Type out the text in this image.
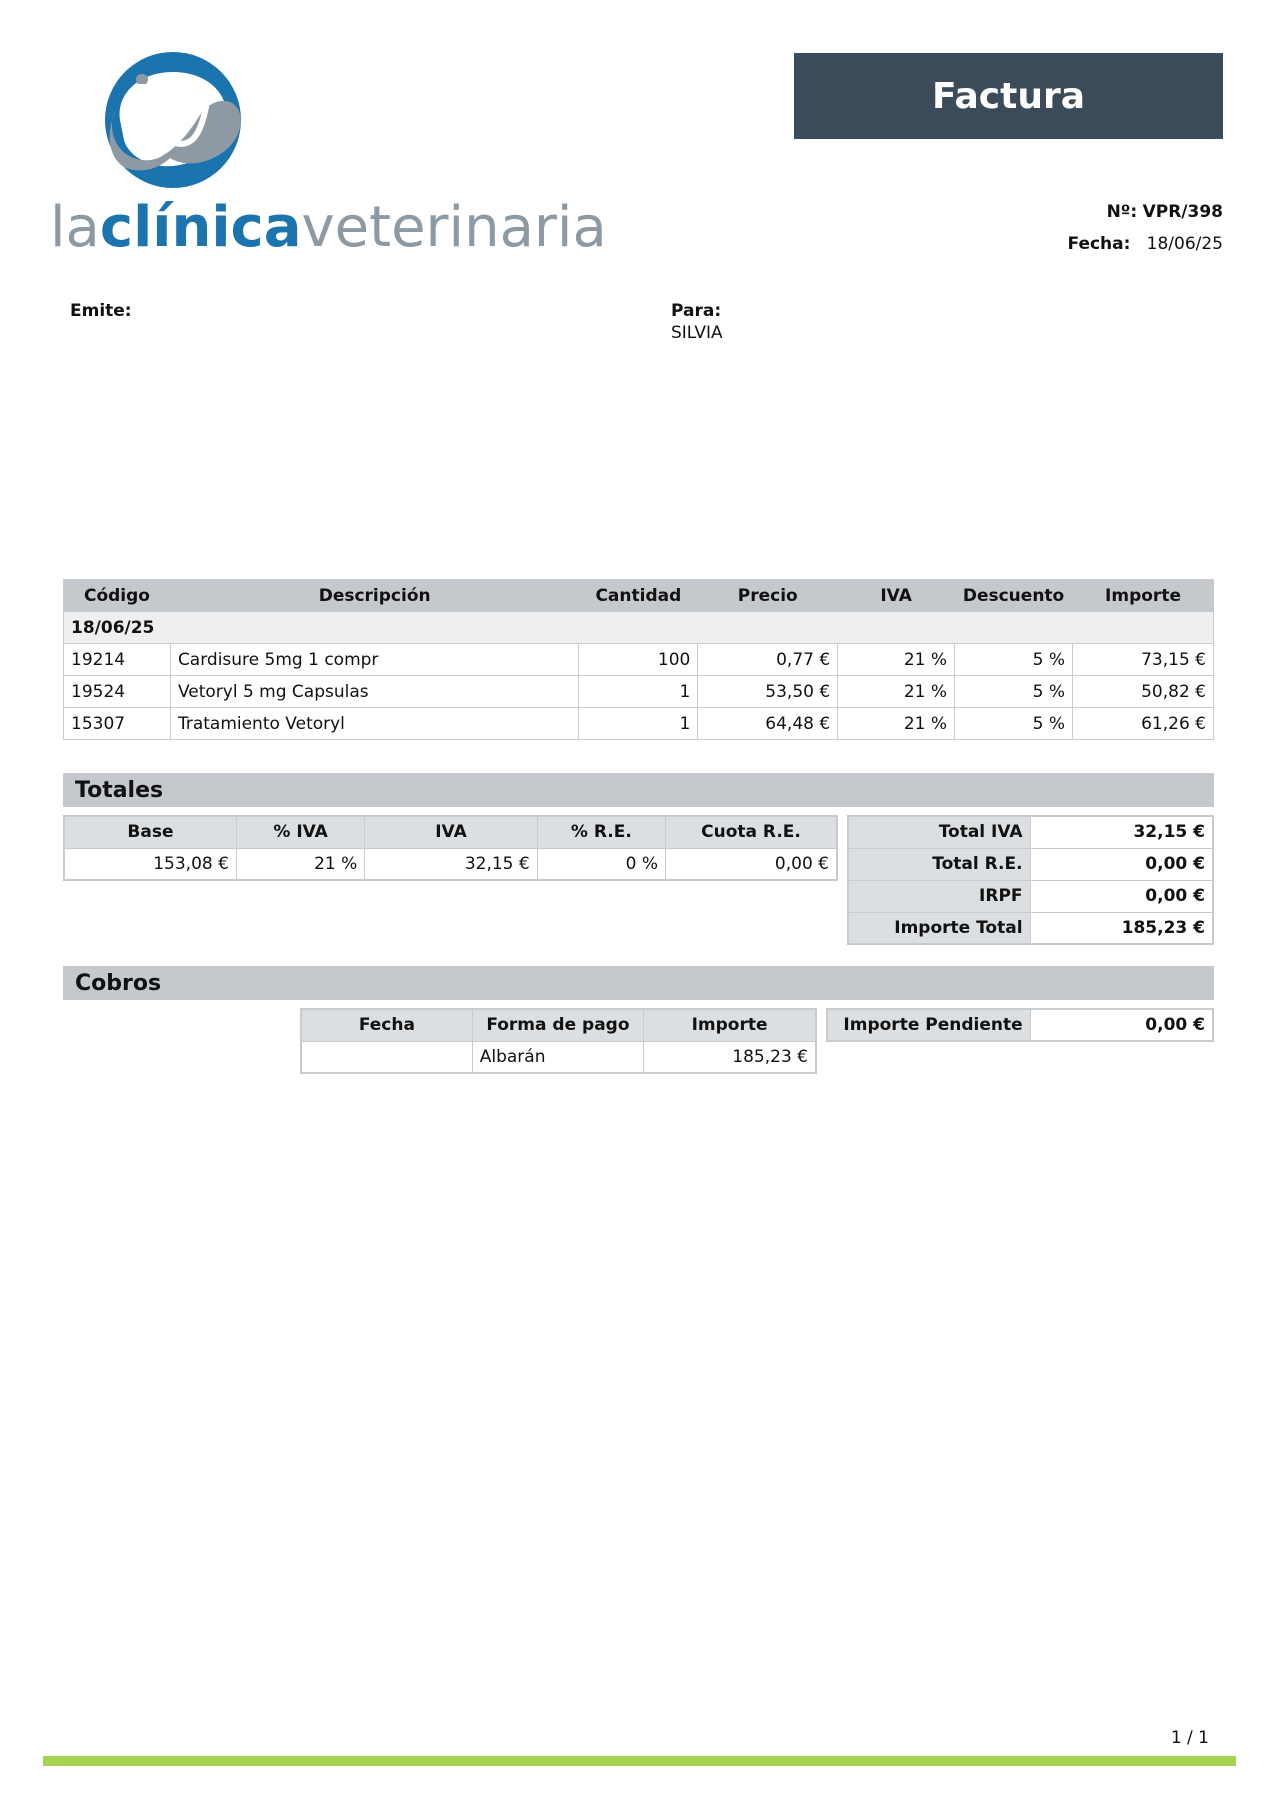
laclínicaveterinaria
Factura
Nº: VPR/398
Fecha: 18/06/25
Emite:	Para:
SILVIA
Código	Descripción	Cantidad	Precio	IVA	Descuento	Importe
18/06/25						
19214	Cardisure 5mg 1 compr	100	0,77 €	21 %	5 %	73,15 €
19524	Vetoryl 5 mg Capsulas	1	53,50 €	21 %	5 %	50,82 €
15307	Tratamiento Vetoryl	1	64,48 €	21 %	5 %	61,26 €
Totales
Base	% IVA	IVA	% R.E.	Cuota R.E.
153,08 €	21 %	32,15 €	0 %	0,00 €
Total IVA	32,15 €
Total R.E.	0,00 €
IRPF	0,00 €
Importe Total	185,23 €
Cobros
Fecha	Forma de pago	Importe
	Albarán	185,23 €
Importe Pendiente	0,00 €
1 / 1
